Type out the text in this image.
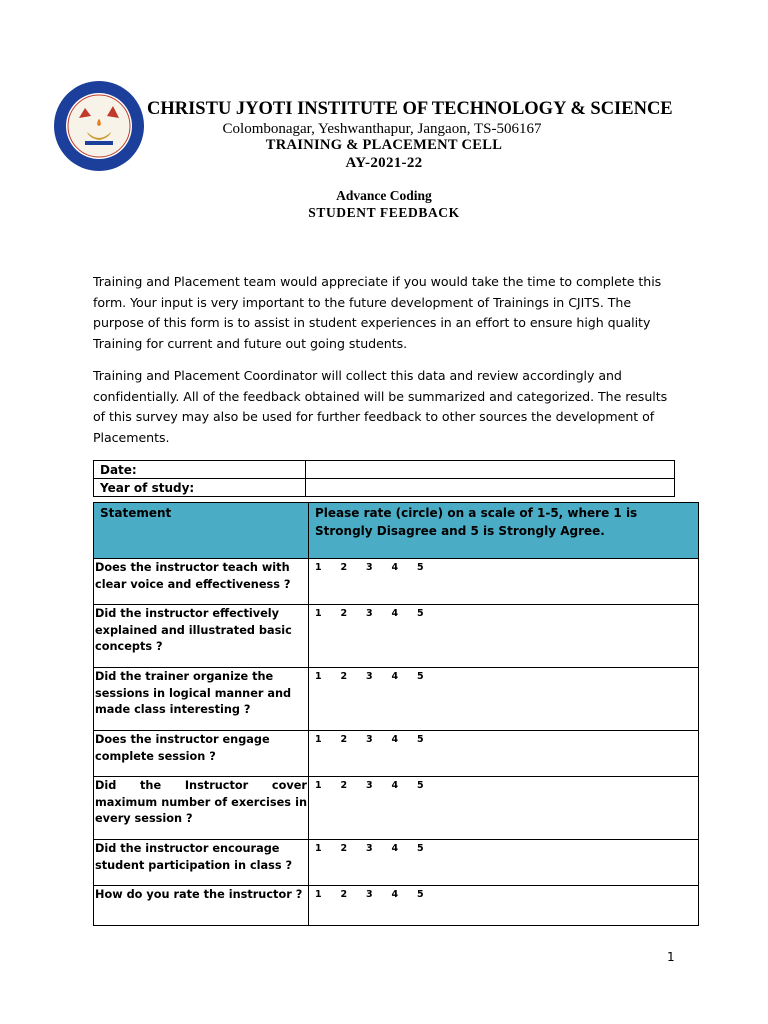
CHRISTU JYOTI INSTITUTE OF TECHNOLOGY & SCIENCE
Colombonagar, Yeshwanthapur, Jangaon, TS-506167
TRAINING & PLACEMENT CELL
AY-2021-22
Advance Coding
STUDENT FEEDBACK
Training and Placement team would appreciate if you would take the time to complete this form. Your input is very important to the future development of Trainings in CJITS. The purpose of this form is to assist in student experiences in an effort to ensure high quality Training for current and future out going students.
Training and Placement Coordinator will collect this data and review accordingly and confidentially. All of the feedback obtained will be summarized and categorized. The results of this survey may also be used for further feedback to other sources the development of Placements.
Date:	
Year of study:	
Statement	Please rate (circle) on a scale of 1-5, where 1 is Strongly Disagree and 5 is Strongly Agree.
Does the instructor teach with clear voice and effectiveness ?	1 2 3 4 5
Did the instructor effectively explained and illustrated basic concepts ?	1 2 3 4 5
Did the trainer organize the sessions in logical manner and made class interesting ?	1 2 3 4 5
Does the instructor engage complete session ?	1 2 3 4 5
Did the Instructor cover maximum number of exercises in every session ?	1 2 3 4 5
Did the instructor encourage student participation in class ?	1 2 3 4 5
How do you rate the instructor ?	1 2 3 4 5
1
